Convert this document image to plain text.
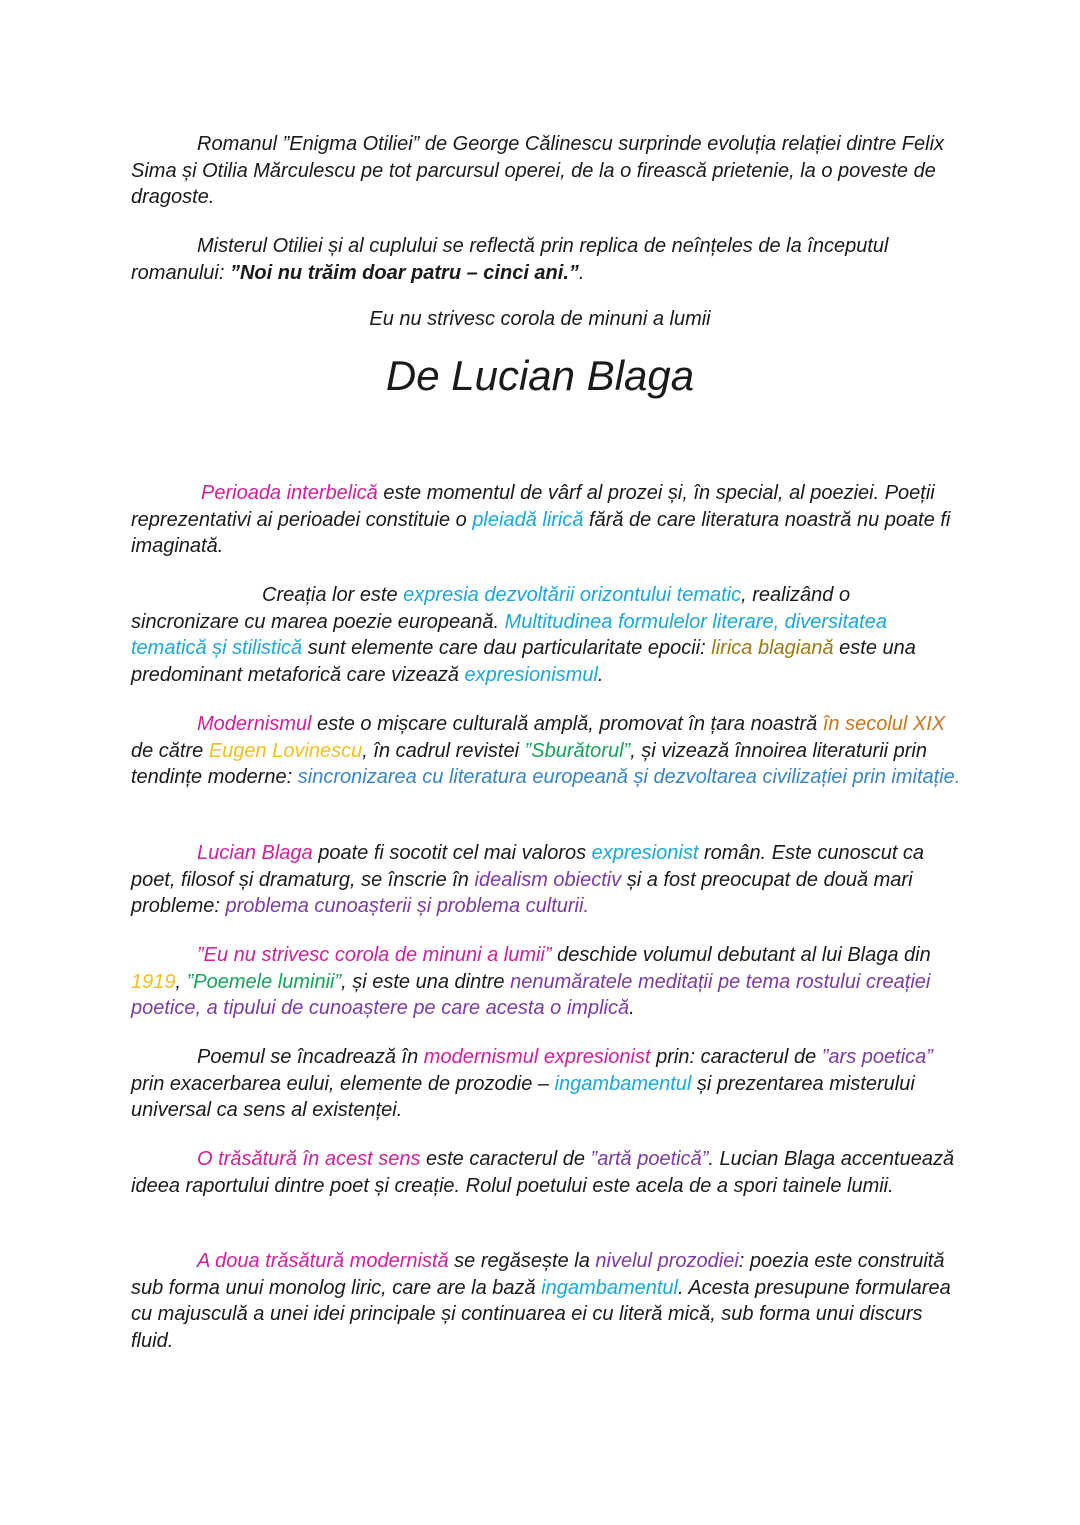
Eu nu strivesc corola de minuni a lumii

De Lucian Blaga

Romanul ”Enigma Otiliei” de George Călinescu surprinde evoluția relației dintre Felix Sima și Otilia Mărculescu pe tot parcursul operei, de la o firească prietenie, la o poveste de dragoste.

Misterul Otiliei și al cuplului se reflectă prin replica de neînțeles de la începutul romanului: ”Noi nu trăim doar patru – cinci ani.”.

Perioada interbelică este momentul de vârf al prozei și, în special, al poeziei. Poeții reprezentativi ai perioadei constituie o pleiadă lirică fără de care literatura noastră nu poate fi imaginată.

Creația lor este expresia dezvoltării orizontului tematic, realizând o sincronizare cu marea poezie europeană. Multitudinea formulelor literare, diversitatea tematică și stilistică sunt elemente care dau particularitate epocii: lirica blagiană este una predominant metaforică care vizează expresionismul.

Modernismul este o mișcare culturală amplă, promovat în țara noastră în secolul XIX de către Eugen Lovinescu, în cadrul revistei ”Sburătorul”, și vizează înnoirea literaturii prin tendințe moderne: sincronizarea cu literatura europeană și dezvoltarea civilizației prin imitație.

Lucian Blaga poate fi socotit cel mai valoros expresionist român. Este cunoscut ca poet, filosof și dramaturg, se înscrie în idealism obiectiv și a fost preocupat de două mari probleme: problema cunoașterii și problema culturii.

”Eu nu strivesc corola de minuni a lumii” deschide volumul debutant al lui Blaga din 1919, ”Poemele luminii”, și este una dintre nenumăratele meditații pe tema rostului creației poetice, a tipului de cunoaștere pe care acesta o implică.

Poemul se încadrează în modernismul expresionist prin: caracterul de ”ars poetica” prin exacerbarea eului, elemente de prozodie – ingambamentul și prezentarea misterului universal ca sens al existenței.

O trăsătură în acest sens este caracterul de ”artă poetică”. Lucian Blaga accentuează ideea raportului dintre poet și creație. Rolul poetului este acela de a spori tainele lumii.

A doua trăsătură modernistă se regăsește la nivelul prozodiei: poezia este construită sub forma unui monolog liric, care are la bază ingambamentul. Acesta presupune formularea cu majusculă a unei idei principale și continuarea ei cu literă mică, sub forma unui discurs fluid.
